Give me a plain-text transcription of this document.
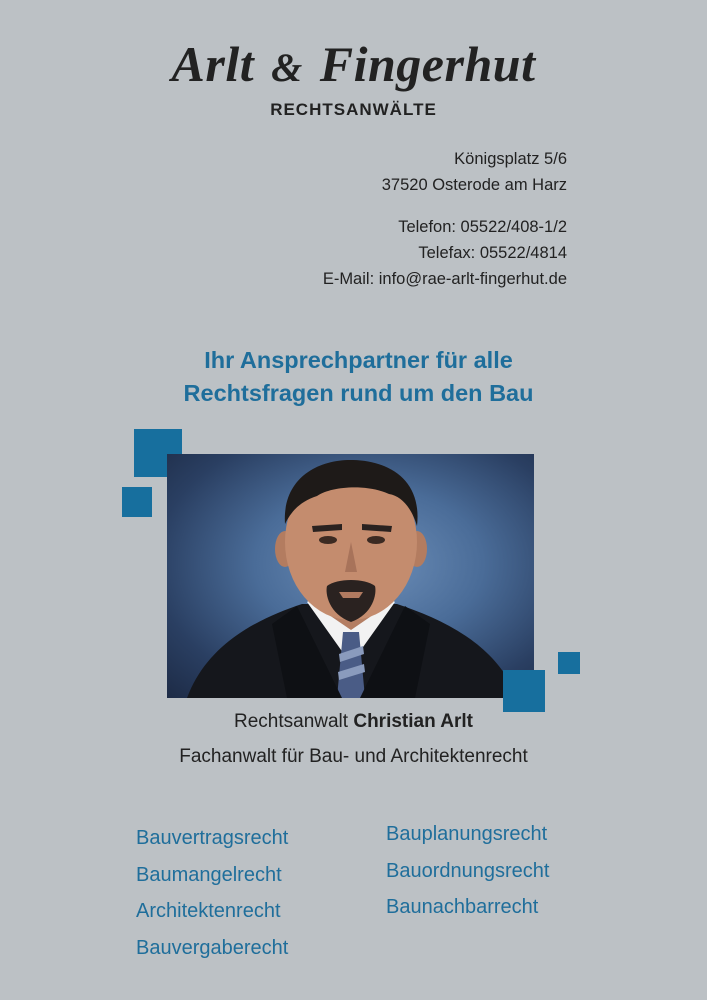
Arlt & Fingerhut
RECHTSANWÄLTE
Königsplatz 5/6
37520 Osterode am Harz
Telefon: 05522/408-1/2
Telefax: 05522/4814
E-Mail: info@rae-arlt-fingerhut.de
Ihr Ansprechpartner für alle
Rechtsfragen rund um den Bau
Rechtsanwalt Christian Arlt
Fachanwalt für Bau- und Architektenrecht
Bauvertragsrecht
Baumangelrecht
Architektenrecht
Bauvergaberecht
Bauplanungsrecht
Bauordnungsrecht
Baunachbarrecht
